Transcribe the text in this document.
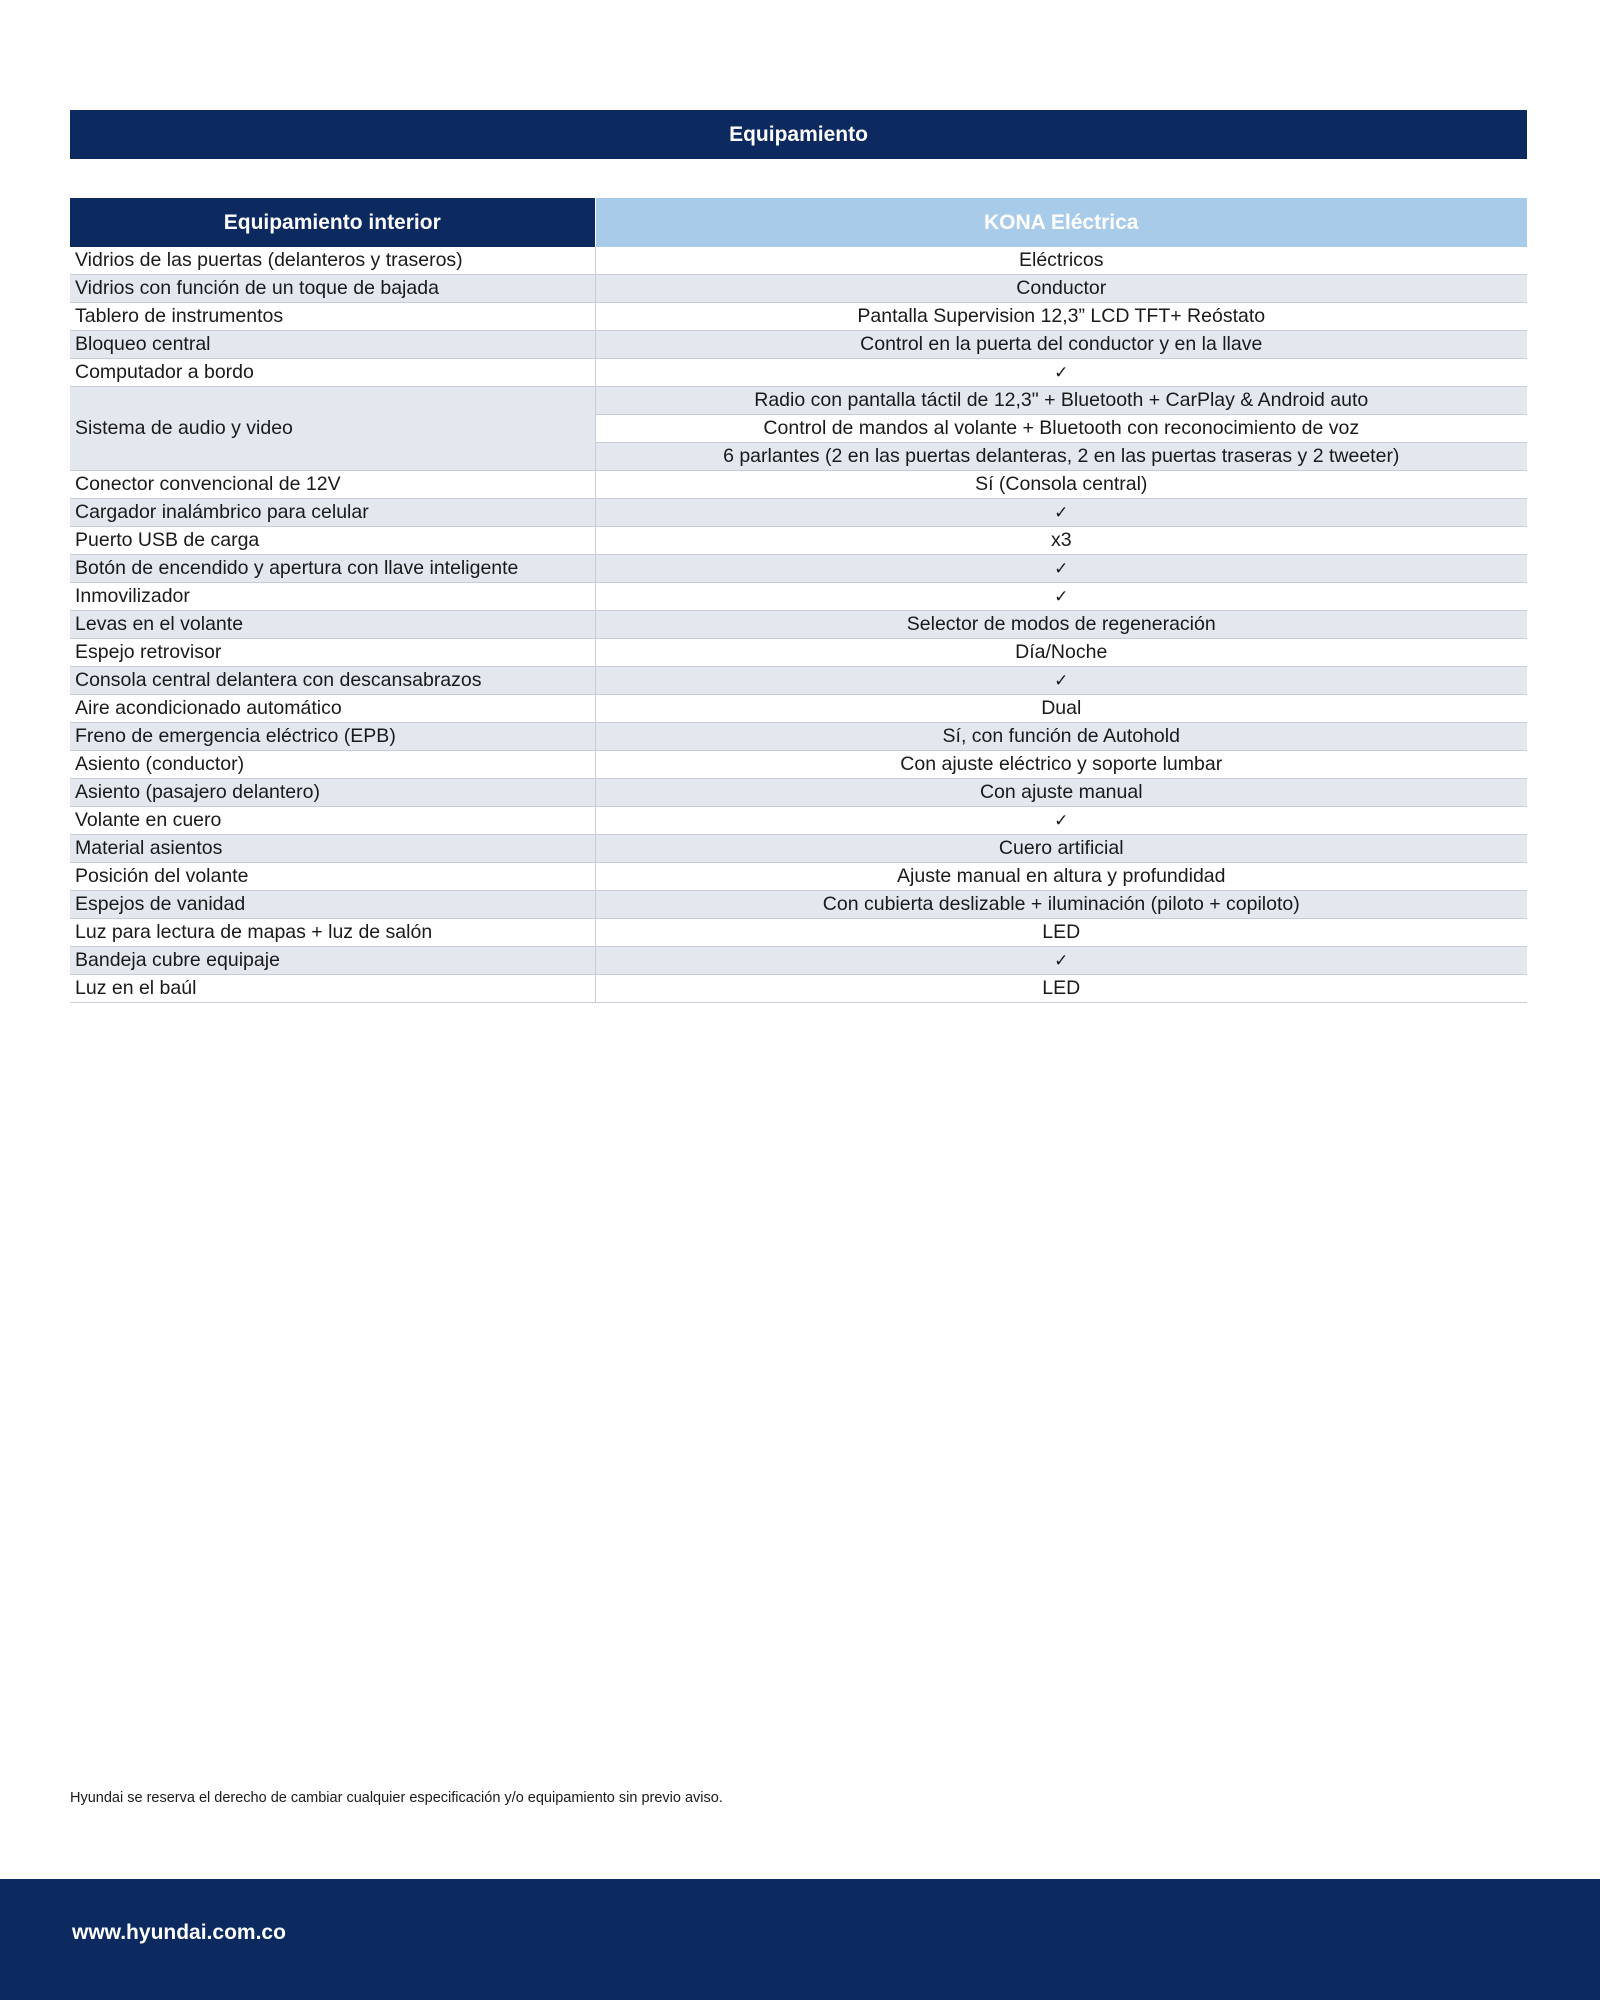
Equipamiento
Equipamiento interior	KONA Eléctrica
Vidrios de las puertas (delanteros y traseros)	Eléctricos
Vidrios con función de un toque de bajada	Conductor
Tablero de instrumentos	Pantalla Supervision 12,3” LCD TFT+ Reóstato
Bloqueo central	Control en la puerta del conductor y en la llave
Computador a bordo	✓
Sistema de audio y video	Radio con pantalla táctil de 12,3" + Bluetooth + CarPlay & Android auto
	Control de mandos al volante + Bluetooth con reconocimiento de voz
	6 parlantes (2 en las puertas delanteras, 2 en las puertas traseras y 2 tweeter)
Conector convencional de 12V	Sí (Consola central)
Cargador inalámbrico para celular	✓
Puerto USB de carga	x3
Botón de encendido y apertura con llave inteligente	✓
Inmovilizador	✓
Levas en el volante	Selector de modos de regeneración
Espejo retrovisor	Día/Noche
Consola central delantera con descansabrazos	✓
Aire acondicionado automático	Dual
Freno de emergencia eléctrico (EPB)	Sí, con función de Autohold
Asiento (conductor)	Con ajuste eléctrico y soporte lumbar
Asiento (pasajero delantero)	Con ajuste manual
Volante en cuero	✓
Material asientos	Cuero artificial
Posición del volante	Ajuste manual en altura y profundidad
Espejos de vanidad	Con cubierta deslizable + iluminación (piloto + copiloto)
Luz para lectura de mapas + luz de salón	LED
Bandeja cubre equipaje	✓
Luz en el baúl	LED
Hyundai se reserva el derecho de cambiar cualquier especificación y/o equipamiento sin previo aviso.
www.hyundai.com.co
